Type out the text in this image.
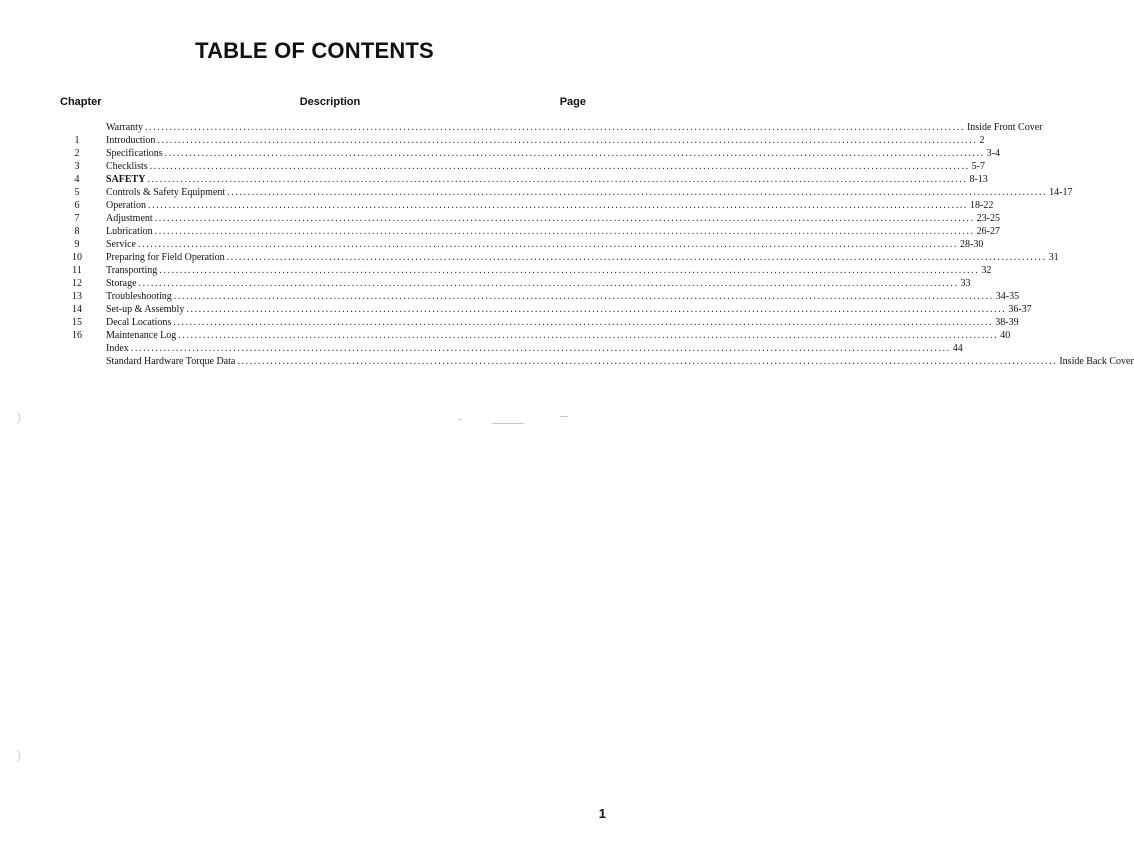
TABLE OF CONTENTS
Chapter	Description	Page
Warranty ........................................................................................................................................................................................................ Inside Front Cover
1	Introduction ........................................................................................................................................................................................................ 2
2	Specifications ........................................................................................................................................................................................................ 3-4
3	Checklists ........................................................................................................................................................................................................ 5-7
4	SAFETY ........................................................................................................................................................................................................ 8-13
5	Controls & Safety Equipment ........................................................................................................................................................................................................ 14-17
6	Operation ........................................................................................................................................................................................................ 18-22
7	Adjustment ........................................................................................................................................................................................................ 23-25
8	Lubrication ........................................................................................................................................................................................................ 26-27
9	Service ........................................................................................................................................................................................................ 28-30
10	Preparing for Field Operation ........................................................................................................................................................................................................ 31
11	Transporting ........................................................................................................................................................................................................ 32
12	Storage ........................................................................................................................................................................................................ 33
13	Troubleshooting ........................................................................................................................................................................................................ 34-35
14	Set-up & Assembly ........................................................................................................................................................................................................ 36-37
15	Decal Locations ........................................................................................................................................................................................................ 38-39
16	Maintenance Log ........................................................................................................................................................................................................ 40
Index ........................................................................................................................................................................................................ 44
Standard Hardware Torque Data ........................................................................................................................................................................................................ Inside Back Cover
)
)
1
